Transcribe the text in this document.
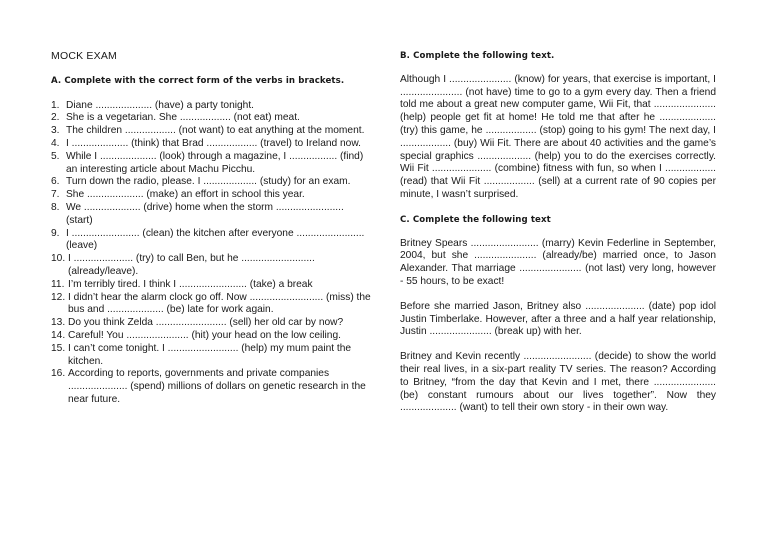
MOCK EXAM
A. Complete with the correct form of the verbs in brackets.
1. Diane .................... (have) a party tonight.
2. She is a vegetarian. She .................. (not eat) meat.
3. The children .................. (not want) to eat anything at the moment.
4. I .................... (think) that Brad .................. (travel) to Ireland now.
5. While I .................... (look) through a magazine, I ................. (find) an interesting article about Machu Picchu.
6. Turn down the radio, please. I ................... (study) for an exam.
7. She .................... (make) an effort in school this year.
8. We .................... (drive) home when the storm ........................ (start)
9. I ........................ (clean) the kitchen after everyone ........................ (leave)
10. I ..................... (try) to call Ben, but he .......................... (already/leave).
11. I’m terribly tired. I think I ........................ (take) a break
12. I didn’t hear the alarm clock go off. Now .......................... (miss) the bus and .................... (be) late for work again.
13. Do you think Zelda ......................... (sell) her old car by now?
14. Careful! You ...................... (hit) your head on the low ceiling.
15. I can’t come tonight. I ......................... (help) my mum paint the kitchen.
16. According to reports, governments and private companies ..................... (spend) millions of dollars on genetic research in the near future.
B. Complete the following text.

Although I ...................... (know) for years, that exercise is important, I ...................... (not have) time to go to a gym every day. Then a friend told me about a great new computer game, Wii Fit, that ...................... (help) people get fit at home! He told me that after he .................... (try) this game, he .................. (stop) going to his gym! The next day, I .................. (buy) Wii Fit. There are about 40 activities and the game’s special graphics ................... (help) you to do the exercises correctly. Wii Fit ..................... (combine) fitness with fun, so when I .................. (read) that Wii Fit .................. (sell) at a current rate of 90 copies per minute, I wasn’t surprised.

C. Complete the following text

Britney Spears ........................ (marry) Kevin Federline in September, 2004, but she ...................... (already/be) married once, to Jason Alexander. That marriage ...................... (not last) very long, however - 55 hours, to be exact!

Before she married Jason, Britney also ..................... (date) pop idol Justin Timberlake. However, after a three and a half year relationship, Justin ...................... (break up) with her.

Britney and Kevin recently ........................ (decide) to show the world their real lives, in a six-part reality TV series. The reason? According to Britney, “from the day that Kevin and I met, there ...................... (be) constant rumours about our lives together”. Now they .................... (want) to tell their own story - in their own way.
